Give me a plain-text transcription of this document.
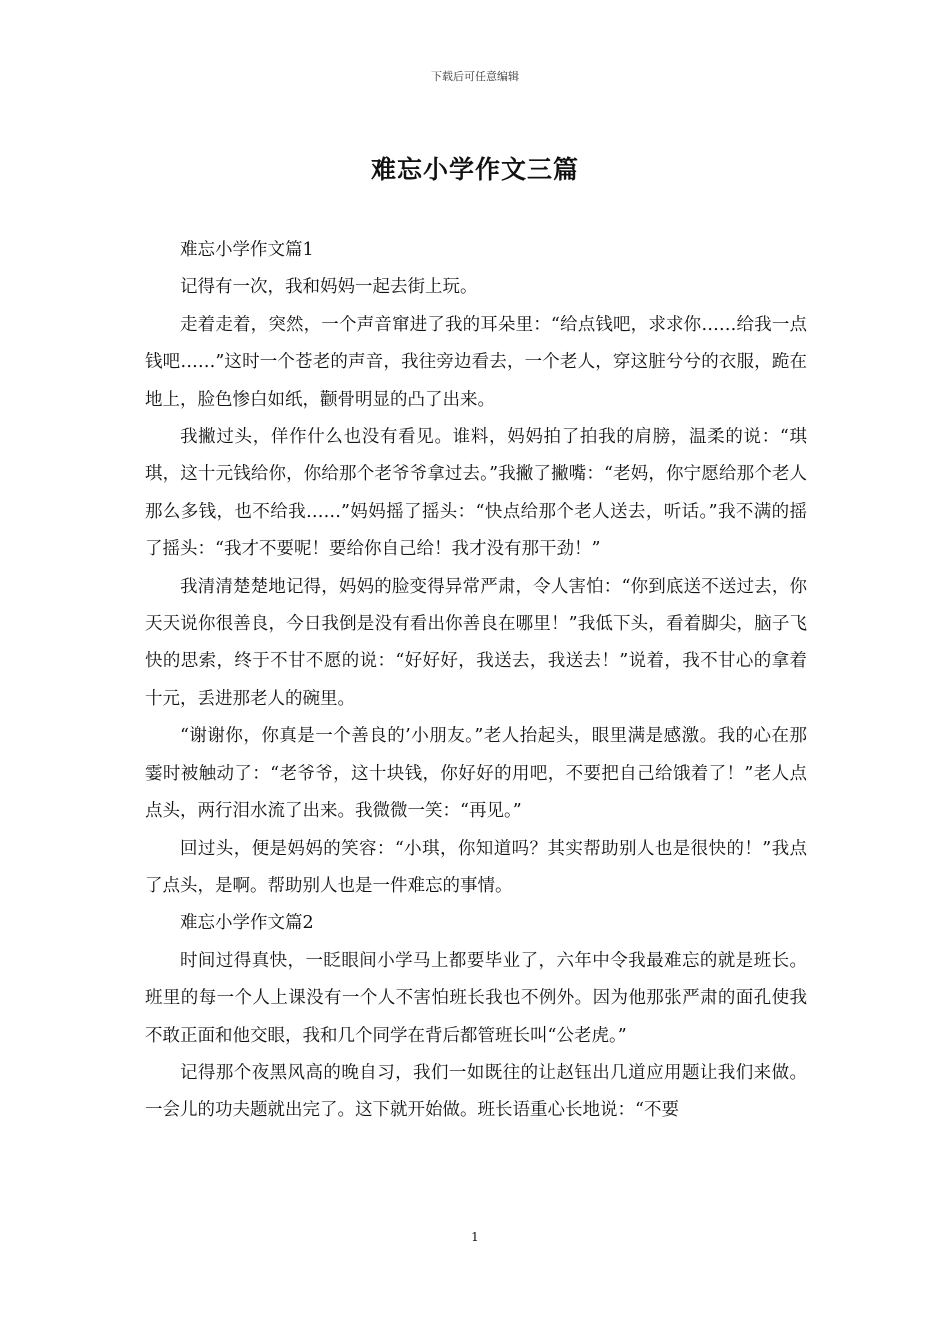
下载后可任意编辑
难忘小学作文三篇

难忘小学作文篇1

记得有一次，我和妈妈一起去街上玩。

走着走着，突然，一个声音窜进了我的耳朵里：“给点钱吧，求求你……给我一点钱吧……”这时一个苍老的声音，我往旁边看去，一个老人，穿这脏兮兮的衣服，跪在地上，脸色惨白如纸，颧骨明显的凸了出来。

我撇过头，佯作什么也没有看见。谁料，妈妈拍了拍我的肩膀，温柔的说：“琪琪，这十元钱给你，你给那个老爷爷拿过去。”我撇了撇嘴：“老妈，你宁愿给那个老人那么多钱，也不给我……”妈妈摇了摇头：“快点给那个老人送去，听话。”我不满的摇了摇头：“我才不要呢！要给你自己给！我才没有那干劲！”

我清清楚楚地记得，妈妈的脸变得异常严肃，令人害怕：“你到底送不送过去，你天天说你很善良，今日我倒是没有看出你善良在哪里！”我低下头，看着脚尖，脑子飞快的思索，终于不甘不愿的说：“好好好，我送去，我送去！”说着，我不甘心的拿着十元，丢进那老人的碗里。

“谢谢你，你真是一个善良的’小朋友。”老人抬起头，眼里满是感激。我的心在那霎时被触动了：“老爷爷，这十块钱，你好好的用吧，不要把自己给饿着了！”老人点点头，两行泪水流了出来。我微微一笑：“再见。”

回过头，便是妈妈的笑容：“小琪，你知道吗？其实帮助别人也是很快的！”我点了点头，是啊。帮助别人也是一件难忘的事情。

难忘小学作文篇2

时间过得真快，一眨眼间小学马上都要毕业了，六年中令我最难忘的就是班长。班里的每一个人上课没有一个人不害怕班长我也不例外。因为他那张严肃的面孔使我不敢正面和他交眼，我和几个同学在背后都管班长叫“公老虎。”

记得那个夜黑风高的晚自习，我们一如既往的让赵钰出几道应用题让我们来做。一会儿的功夫题就出完了。这下就开始做。班长语重心长地说：“不要

1
